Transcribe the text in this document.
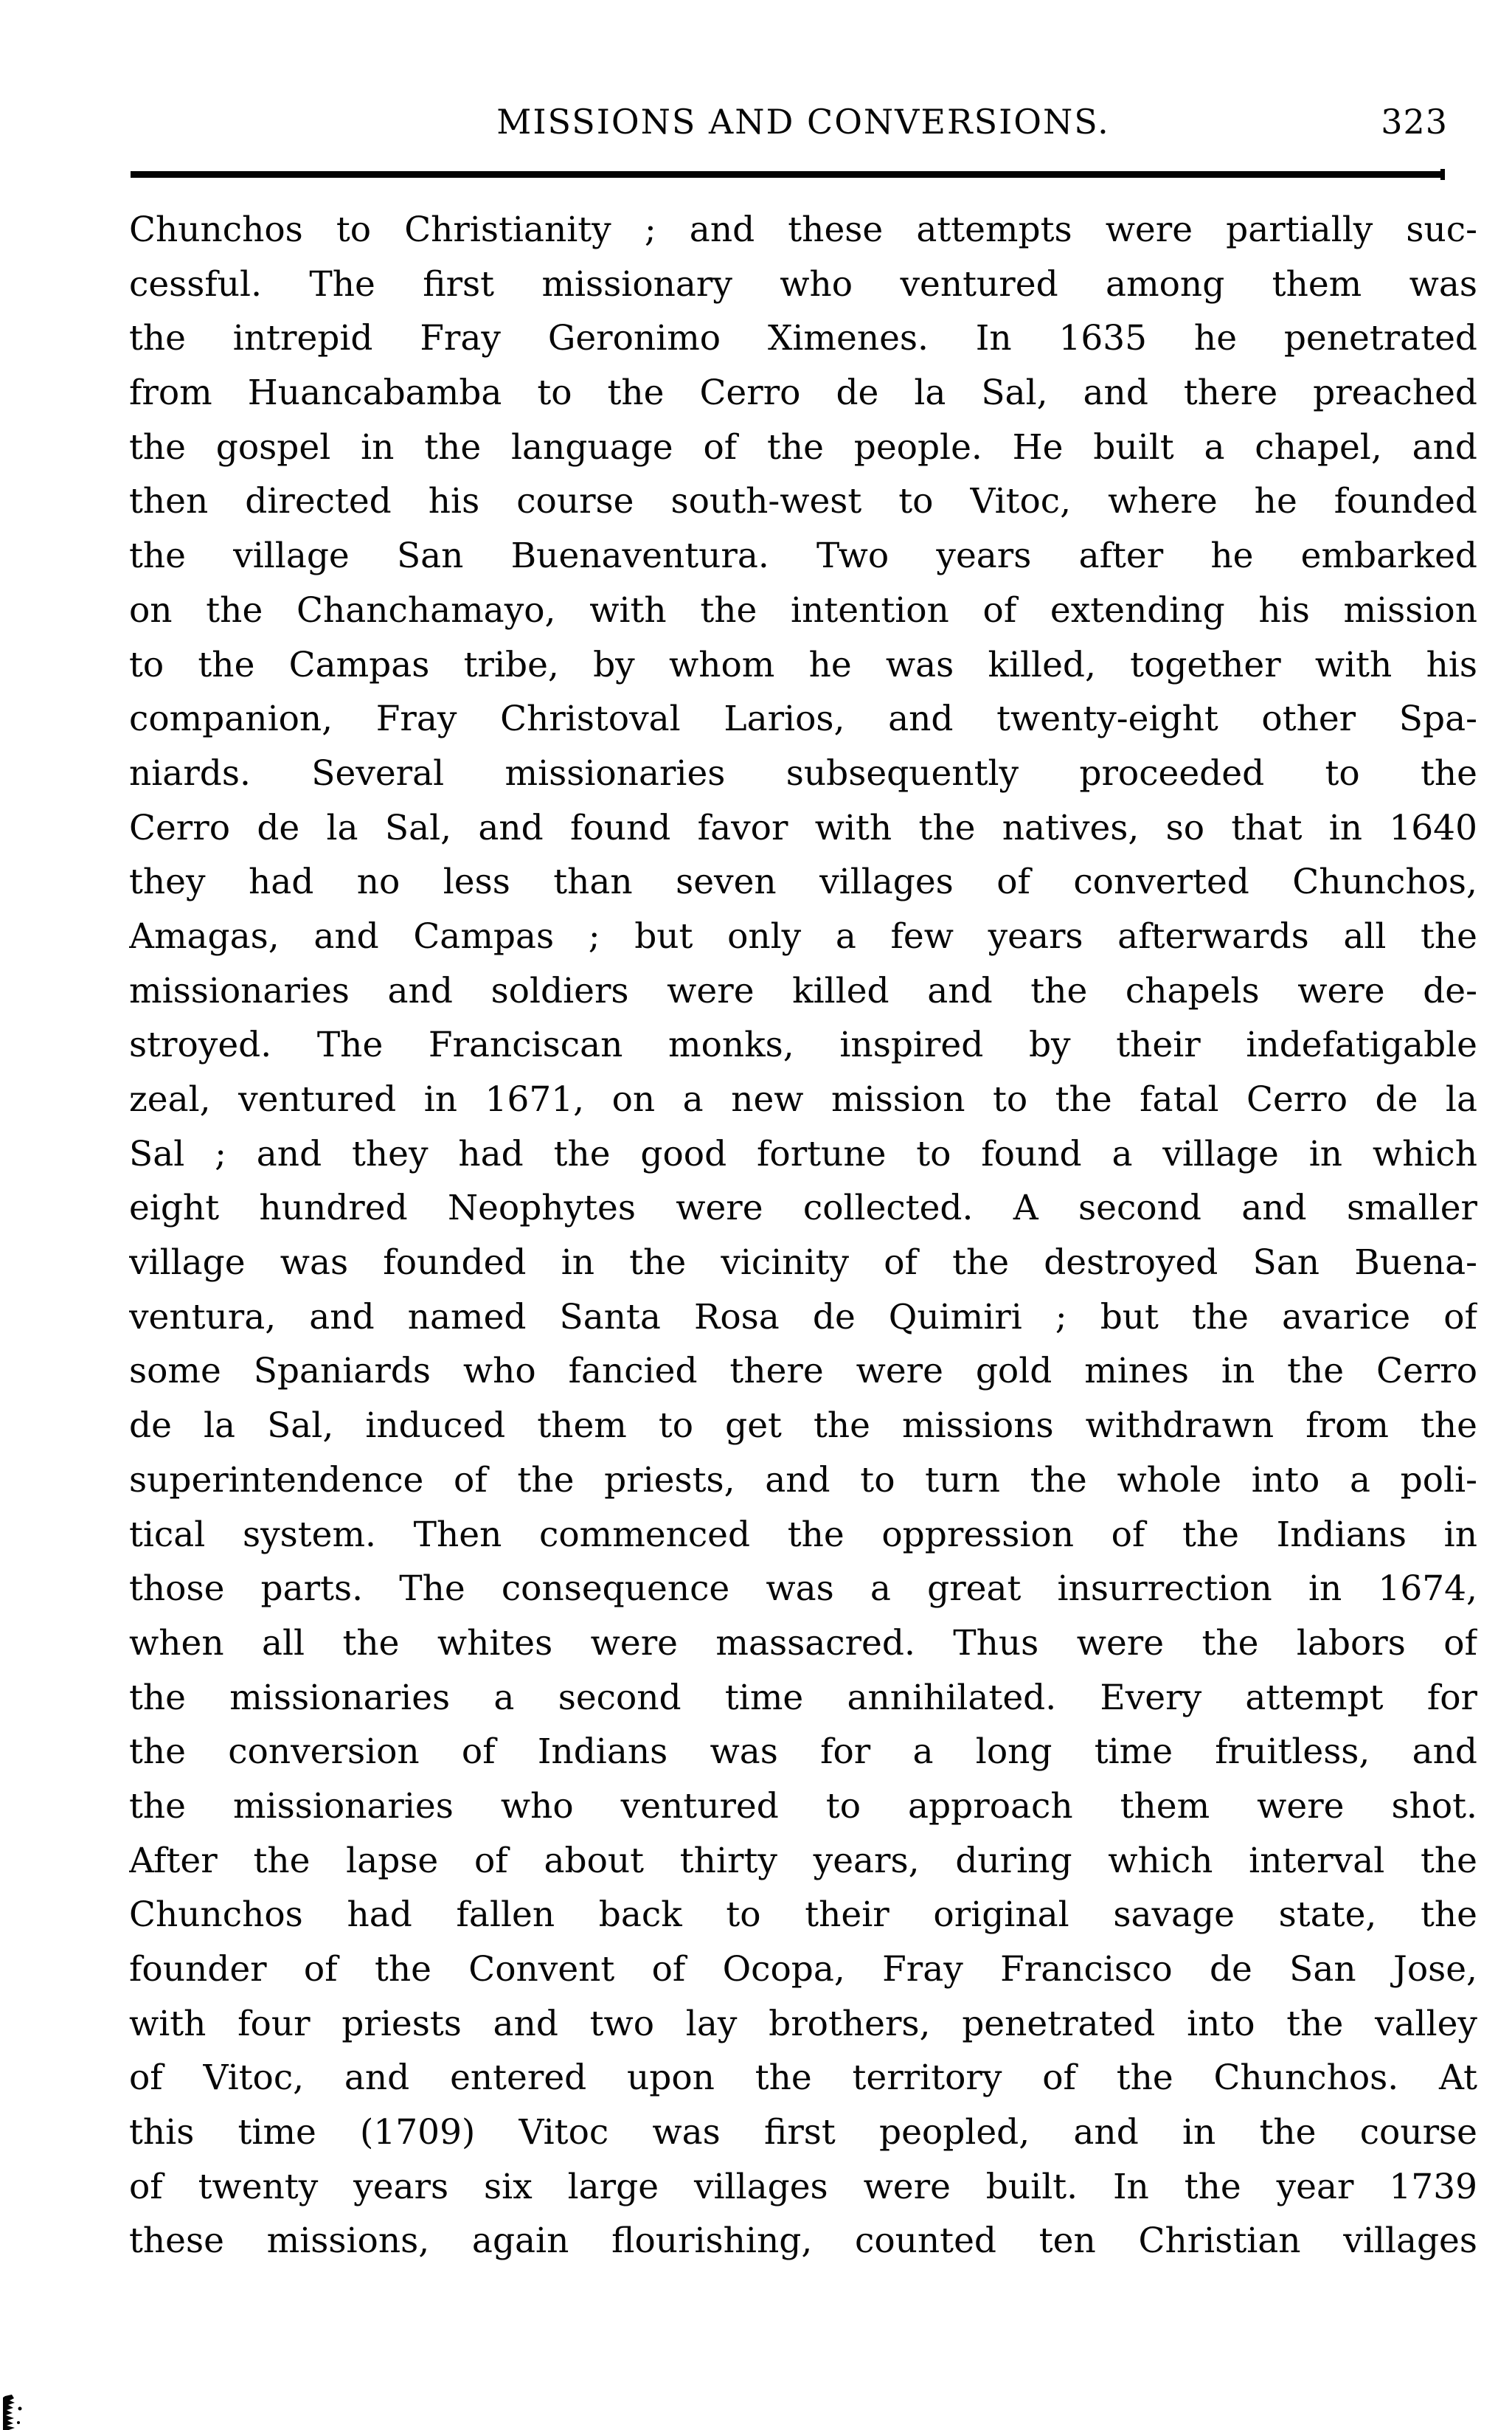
MISSIONS AND CONVERSIONS.	323
Chunchos to Christianity ; and these attempts were partially suc-
cessful. The first missionary who ventured among them was
the intrepid Fray Geronimo Ximenes. In 1635 he penetrated
from Huancabamba to the Cerro de la Sal, and there preached
the gospel in the language of the people. He built a chapel, and
then directed his course south-west to Vitoc, where he founded
the village San Buenaventura. Two years after he embarked
on the Chanchamayo, with the intention of extending his mission
to the Campas tribe, by whom he was killed, together with his
companion, Fray Christoval Larios, and twenty-eight other Spa-
niards. Several missionaries subsequently proceeded to the
Cerro de la Sal, and found favor with the natives, so that in 1640
they had no less than seven villages of converted Chunchos,
Amagas, and Campas ; but only a few years afterwards all the
missionaries and soldiers were killed and the chapels were de-
stroyed. The Franciscan monks, inspired by their indefatigable
zeal, ventured in 1671, on a new mission to the fatal Cerro de la
Sal ; and they had the good fortune to found a village in which
eight hundred Neophytes were collected. A second and smaller
village was founded in the vicinity of the destroyed San Buena-
ventura, and named Santa Rosa de Quimiri ; but the avarice of
some Spaniards who fancied there were gold mines in the Cerro
de la Sal, induced them to get the missions withdrawn from the
superintendence of the priests, and to turn the whole into a poli-
tical system. Then commenced the oppression of the Indians in
those parts. The consequence was a great insurrection in 1674,
when all the whites were massacred. Thus were the labors of
the missionaries a second time annihilated. Every attempt for
the conversion of Indians was for a long time fruitless, and
the missionaries who ventured to approach them were shot.
After the lapse of about thirty years, during which interval the
Chunchos had fallen back to their original savage state, the
founder of the Convent of Ocopa, Fray Francisco de San Jose,
with four priests and two lay brothers, penetrated into the valley
of Vitoc, and entered upon the territory of the Chunchos. At
this time (1709) Vitoc was first peopled, and in the course
of twenty years six large villages were built. In the year 1739
these missions, again flourishing, counted ten Christian villages
